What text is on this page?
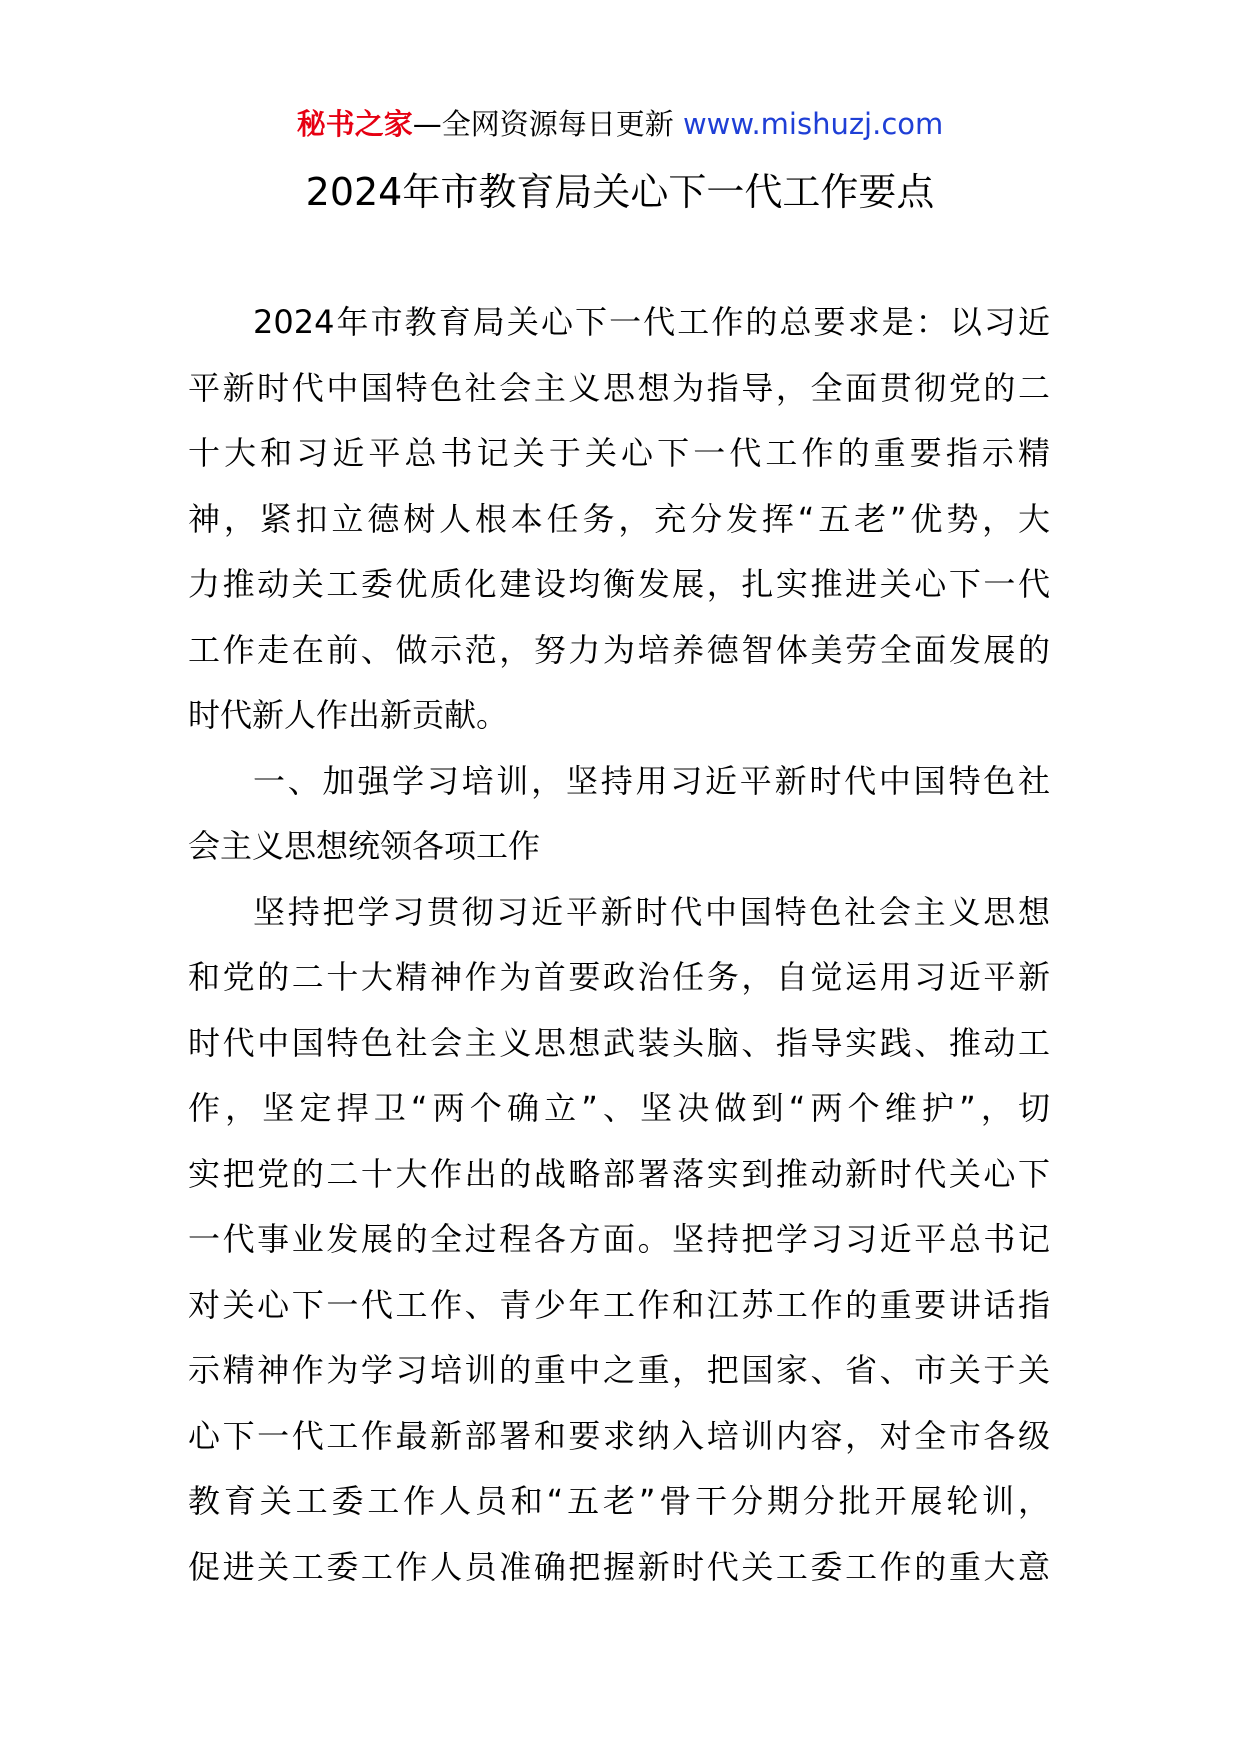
秘书之家—全网资源每日更新 www.mishuzj.com
2024年市教育局关心下一代工作要点
2024年市教育局关心下一代工作的总要求是：以习近
平新时代中国特色社会主义思想为指导，全面贯彻党的二
十大和习近平总书记关于关心下一代工作的重要指示精
神，紧扣立德树人根本任务，充分发挥“五老”优势，大
力推动关工委优质化建设均衡发展，扎实推进关心下一代
工作走在前、做示范，努力为培养德智体美劳全面发展的
时代新人作出新贡献。
一、加强学习培训，坚持用习近平新时代中国特色社
会主义思想统领各项工作
坚持把学习贯彻习近平新时代中国特色社会主义思想
和党的二十大精神作为首要政治任务，自觉运用习近平新
时代中国特色社会主义思想武装头脑、指导实践、推动工
作，坚定捍卫“两个确立”、坚决做到“两个维护”，切
实把党的二十大作出的战略部署落实到推动新时代关心下
一代事业发展的全过程各方面。坚持把学习习近平总书记
对关心下一代工作、青少年工作和江苏工作的重要讲话指
示精神作为学习培训的重中之重，把国家、省、市关于关
心下一代工作最新部署和要求纳入培训内容，对全市各级
教育关工委工作人员和“五老”骨干分期分批开展轮训，
促进关工委工作人员准确把握新时代关工委工作的重大意
